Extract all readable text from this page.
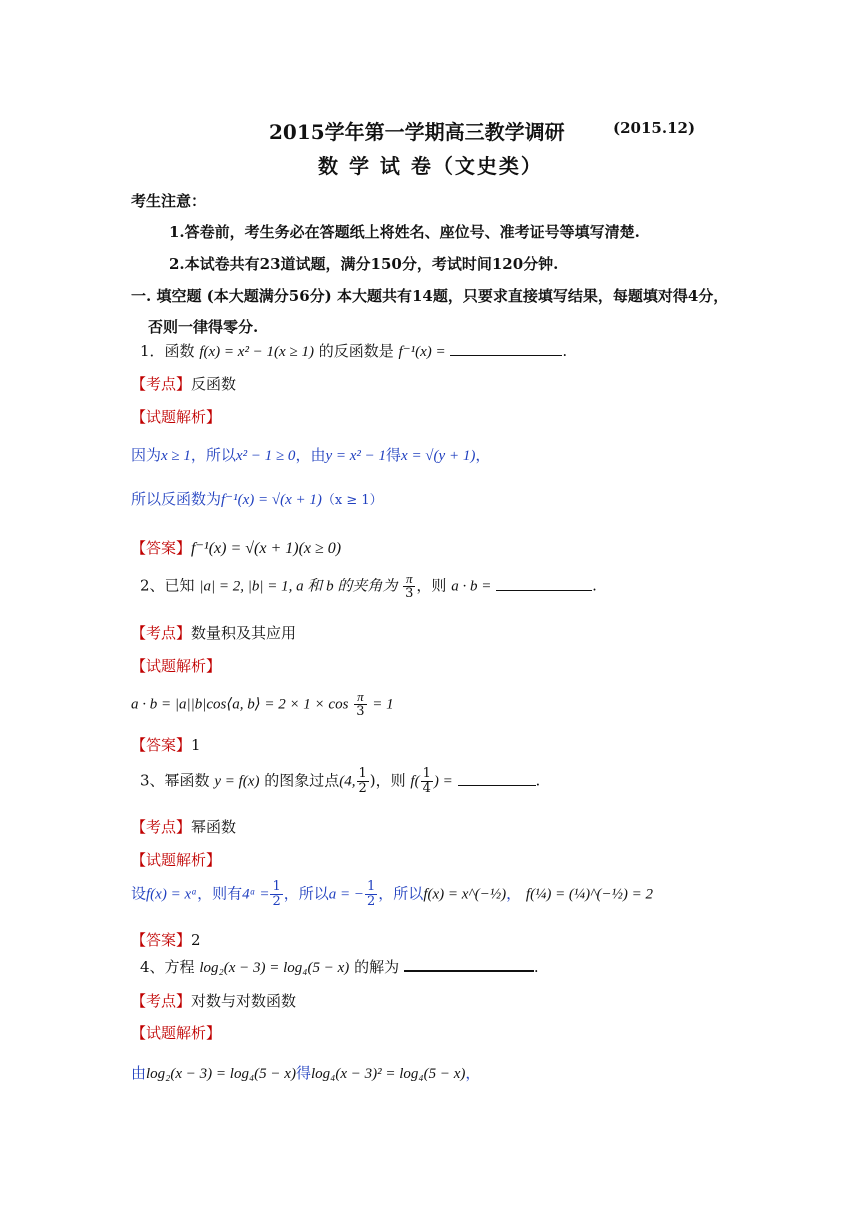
2015学年第一学期高三教学调研	(2015.12)
数 学 试 卷（文史类）
考生注意：
1.答卷前，考生务必在答题纸上将姓名、座位号、准考证号等填写清楚.
2.本试卷共有23道试题，满分150分，考试时间120分钟.
一. 填空题 (本大题满分56分) 本大题共有14题，只要求直接填写结果，每题填对得4分，
否则一律得零分.
1．函数 f(x) = x² − 1(x ≥ 1) 的反函数是 f⁻¹(x) =	.
【考点】反函数
【试题解析】
因为x ≥ 1，所以x² − 1 ≥ 0，由y = x² − 1得x = √(y + 1)，
所以反函数为f⁻¹(x) = √(x + 1)（x ≥ 1）
【答案】f⁻¹(x) = √(x + 1)(x ≥ 0)
2、已知 |a| = 2, |b| = 1, a 和 b 的夹角为 $\frac{\pi}{3}$ ，则 a · b =	.
【考点】数量积及其应用
【试题解析】
a · b = |a||b|cos⟨a, b⟩ = $2 \times 1 \times \cos \frac{\pi}{3} = 1$
【答案】1
3、幂函数 y = f(x) 的图象过点(4, $\frac{1}{2}$ )，则 $f( \frac{1}{4}$ ) =	.
【考点】幂函数
【试题解析】
设f(x) = xᵃ，则有4ᵃ = $\frac{1}{2}$ ，所以a = − $\frac{1}{2}$ ，所以f(x) = x^(−½)， f(¼) = (¼)^(−½) = 2
【答案】2
4、方程 log₂(x − 3) = log₄(5 − x) 的解为	.
【考点】对数与对数函数
【试题解析】
由log₂(x − 3) = log₄(5 − x)得log₄(x − 3)² = log₄(5 − x)，
